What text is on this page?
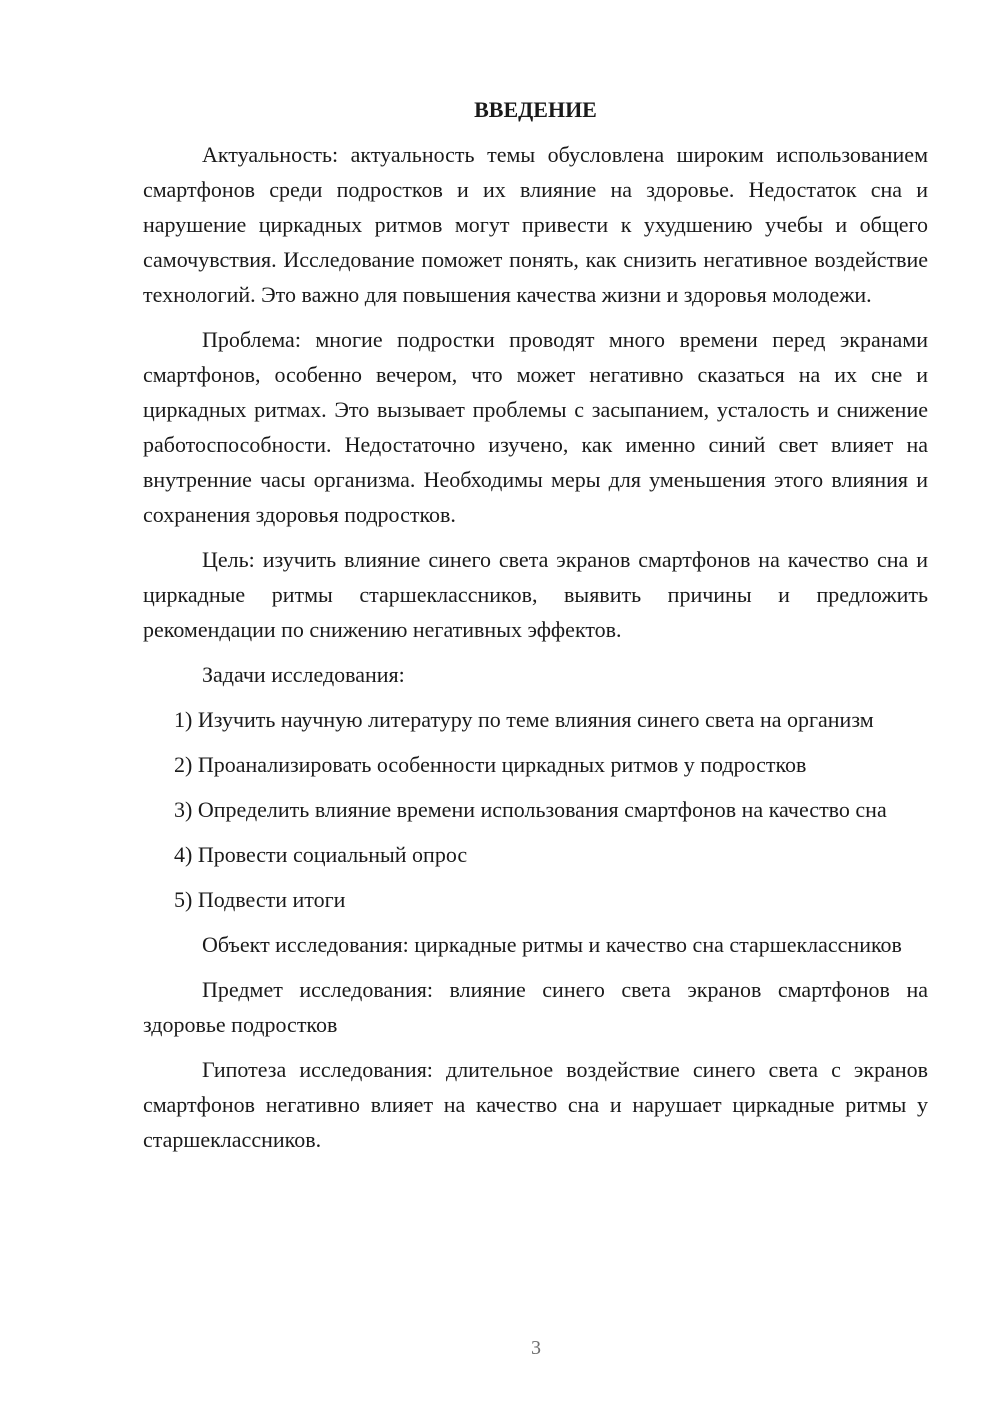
ВВЕДЕНИЕ

Актуальность: актуальность темы обусловлена широким использованием смартфонов среди подростков и их влияние на здоровье. Недостаток сна и нарушение циркадных ритмов могут привести к ухудшению учебы и общего самочувствия. Исследование поможет понять, как снизить негативное воздействие технологий. Это важно для повышения качества жизни и здоровья молодежи.

Проблема: многие подростки проводят много времени перед экранами смартфонов, особенно вечером, что может негативно сказаться на их сне и циркадных ритмах. Это вызывает проблемы с засыпанием, усталость и снижение работоспособности. Недостаточно изучено, как именно синий свет влияет на внутренние часы организма. Необходимы меры для уменьшения этого влияния и сохранения здоровья подростков.

Цель: изучить влияние синего света экранов смартфонов на качество сна и циркадные ритмы старшеклассников, выявить причины и предложить рекомендации по снижению негативных эффектов.

Задачи исследования:

1) Изучить научную литературу по теме влияния синего света на организм

2) Проанализировать особенности циркадных ритмов у подростков

3) Определить влияние времени использования смартфонов на качество сна

4) Провести социальный опрос

5) Подвести итоги

Объект исследования: циркадные ритмы и качество сна старшеклассников

Предмет исследования: влияние синего света экранов смартфонов на здоровье подростков

Гипотеза исследования: длительное воздействие синего света с экранов смартфонов негативно влияет на качество сна и нарушает циркадные ритмы у старшеклассников.

3
